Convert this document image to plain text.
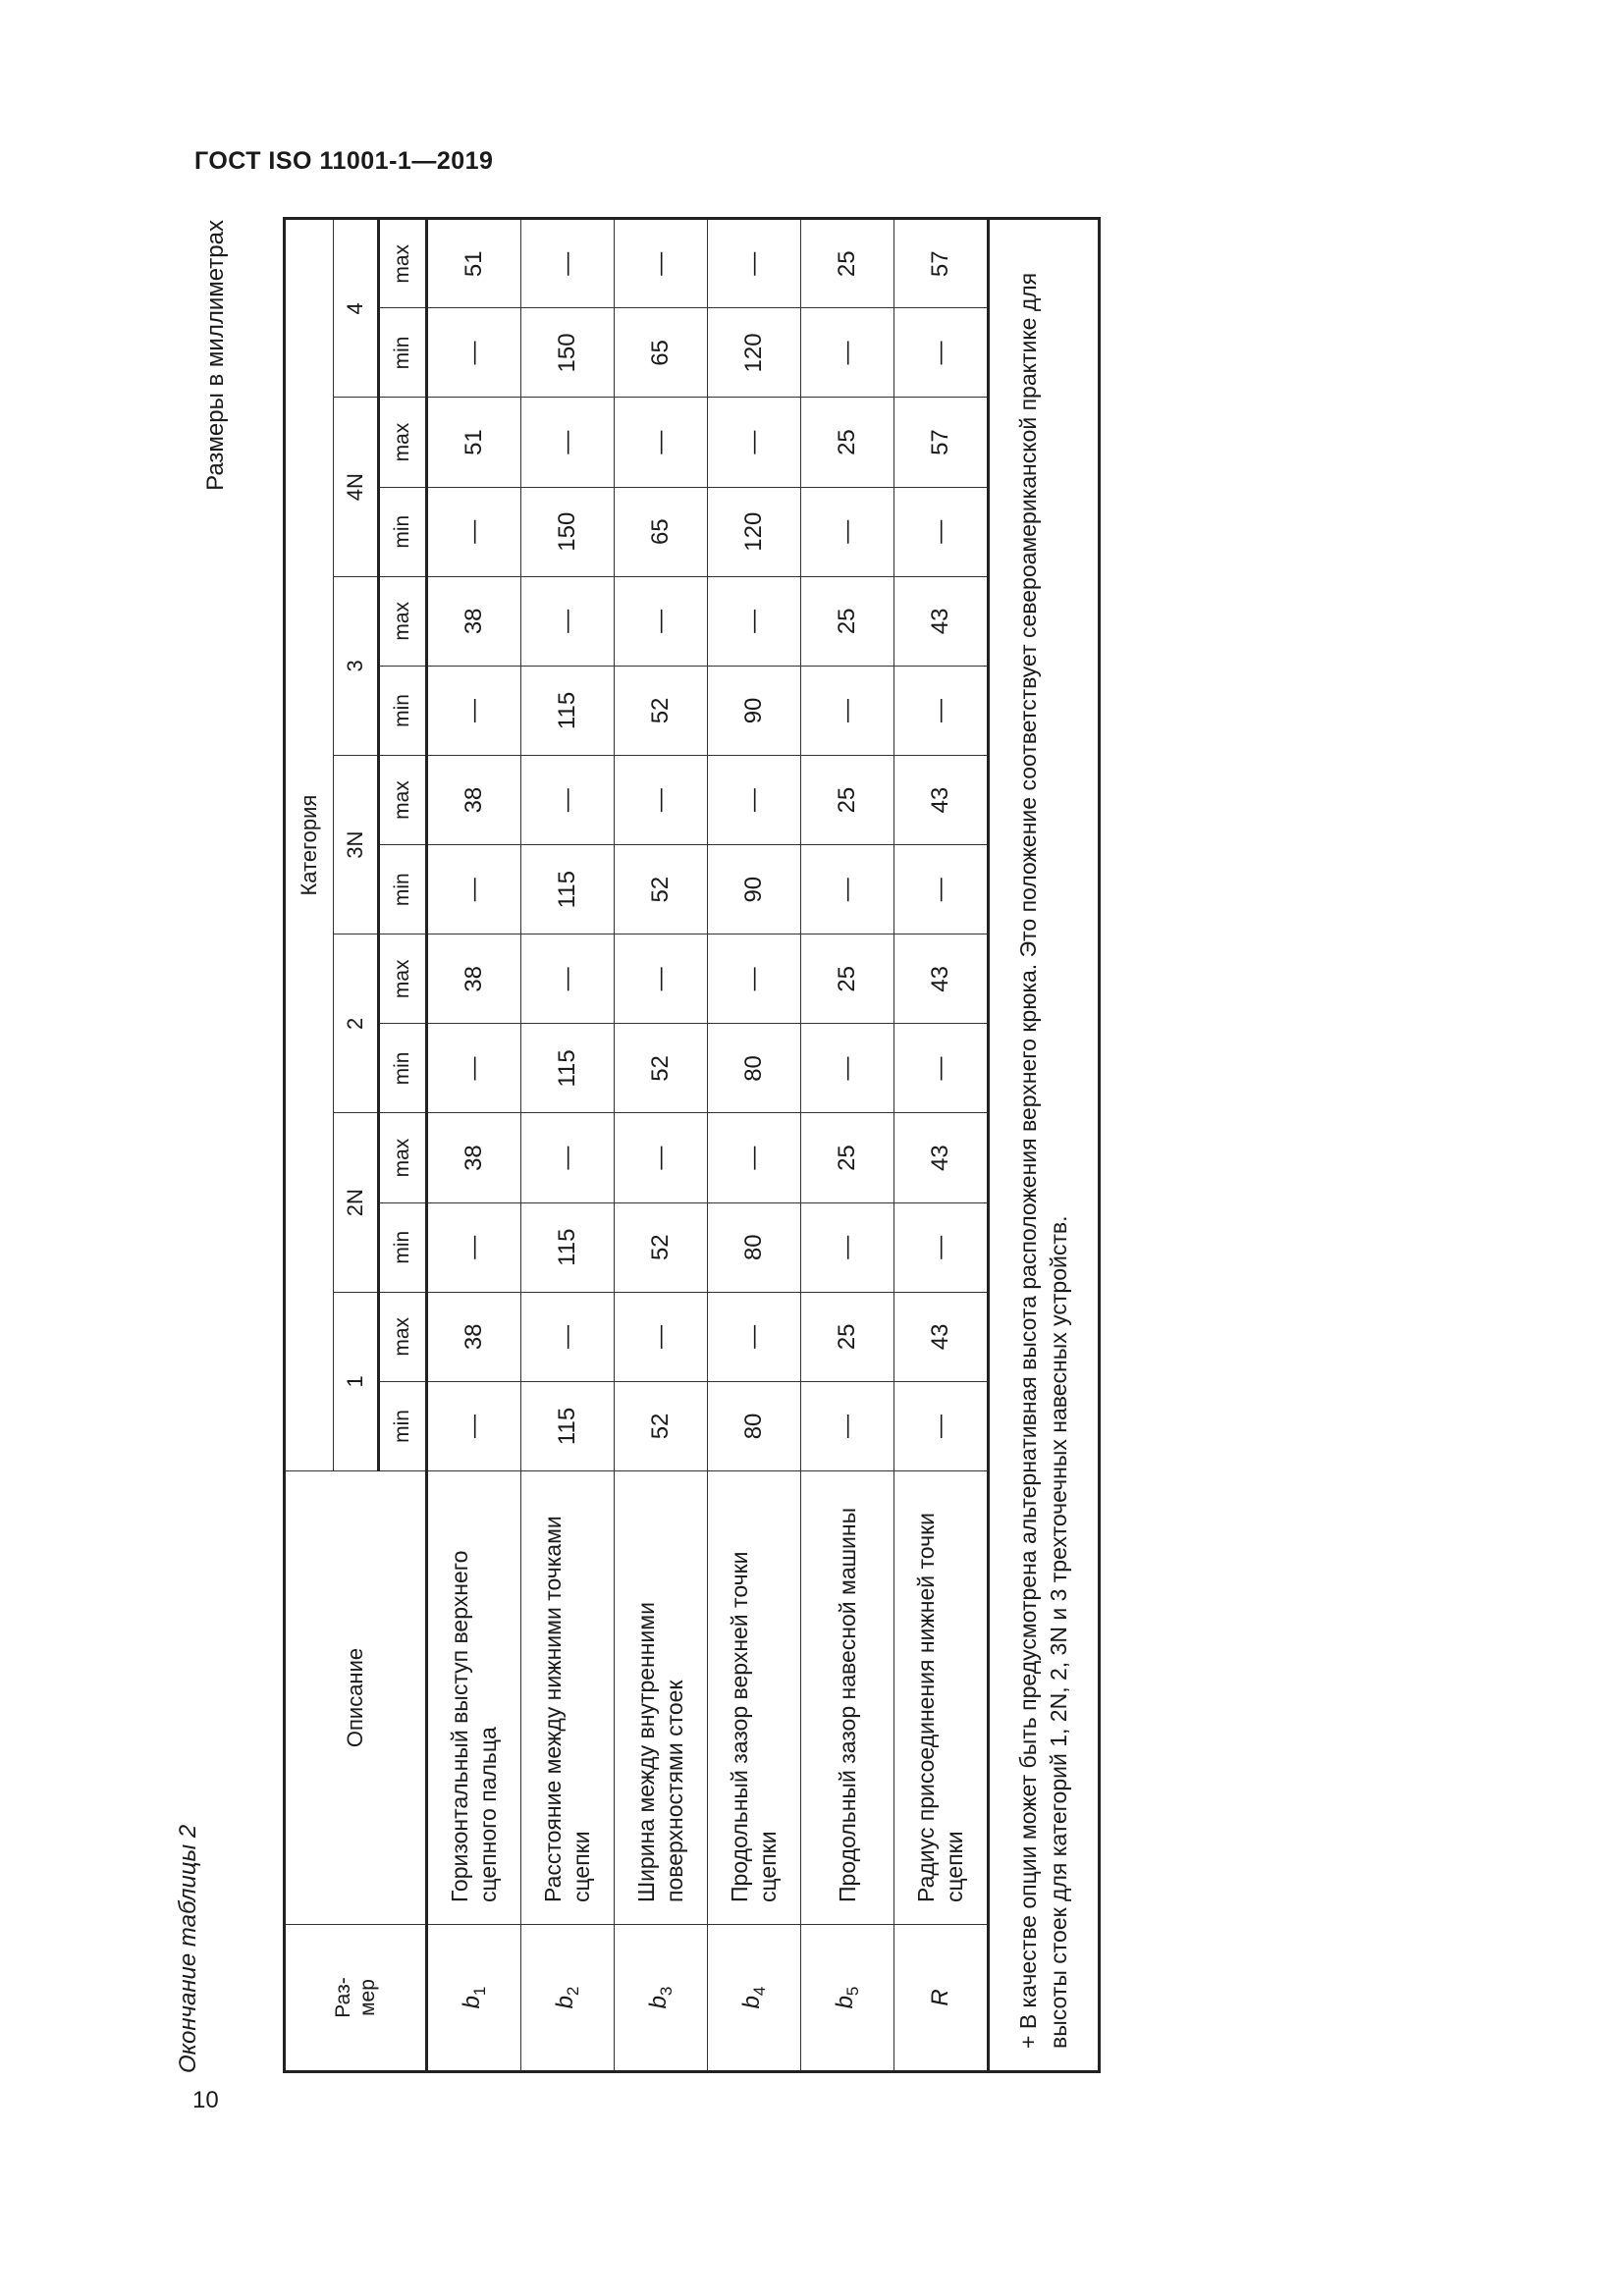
ГОСТ ISO 11001-1—2019
10
Окончание таблицы 2
Размеры в миллиметрах
Раз-
мер	Описание	Категория													
		1		2N		2		3N		3		4N		4	
		min	max	min	max	min	max	min	max	min	max	min	max	min	max
$b_1$	Горизонтальный выступ верхнего сцепного пальца	—	38	—	38	—	38	—	38	—	38	—	51	—	51
$b_2$	Расстояние между нижними точками сцепки	115	—	115	—	115	—	115	—	115	—	150	—	150	—
$b_3$	Ширина между внутренними поверхностями стоек	52	—	52	—	52	—	52	—	52	—	65	—	65	—
$b_4$	Продольный зазор верхней точки сцепки	80	—	80	—	80	—	90	—	90	—	120	—	120	—
$b_5$	Продольный зазор навесной машины	—	25	—	25	—	25	—	25	—	25	—	25	—	25
R	Радиус присоединения нижней точки сцепки	—	43	—	43	—	43	—	43	—	43	—	57	—	57
+ В качестве опции может быть предусмотрена альтернативная высота расположения верхнего крюка. Это положение соответствует североамериканской практике для высоты стоек для категорий 1, 2N, 2, 3N и 3 трехточечных навесных устройств.															
